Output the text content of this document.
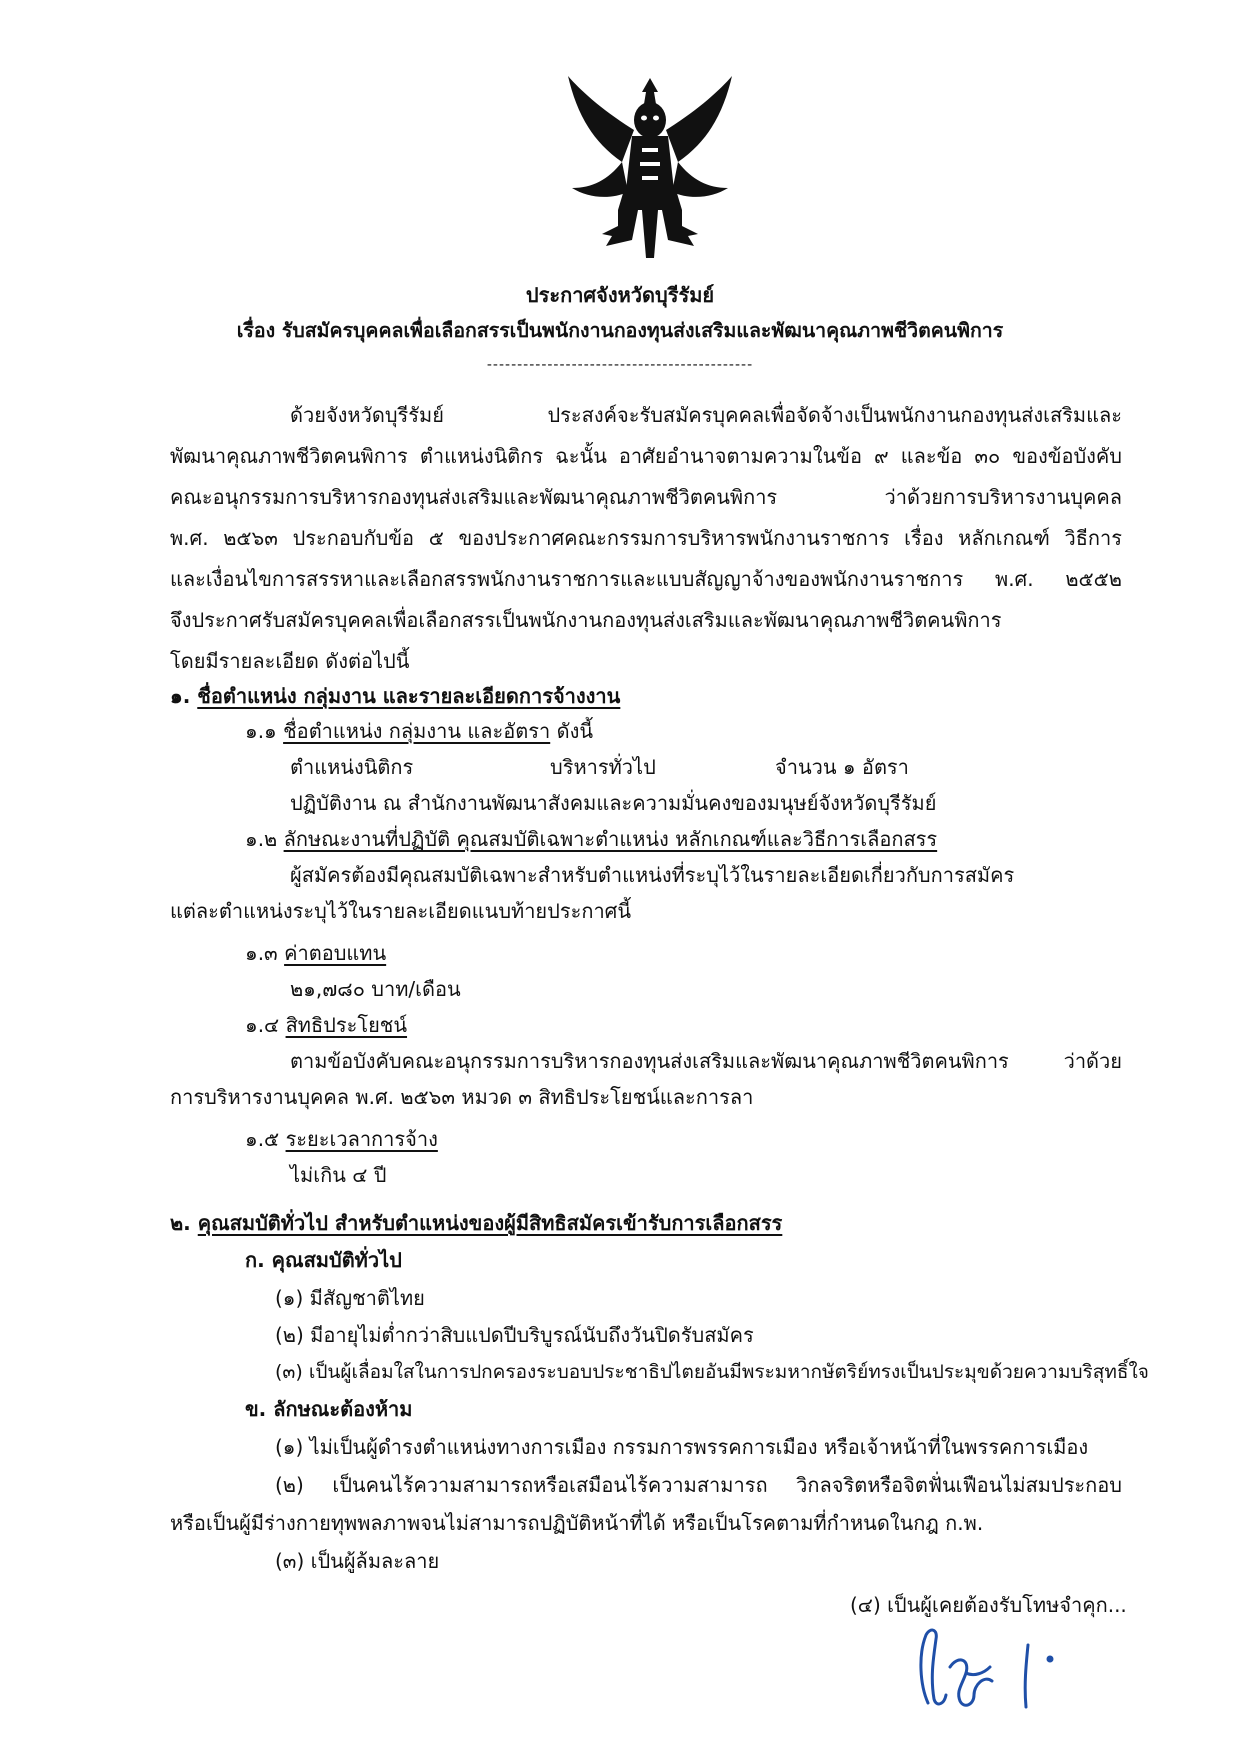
ประกาศจังหวัดบุรีรัมย์
เรื่อง รับสมัครบุคคลเพื่อเลือกสรรเป็นพนักงานกองทุนส่งเสริมและพัฒนาคุณภาพชีวิตคนพิการ
--------------------------------------------
ด้วยจังหวัดบุรีรัมย์ ประสงค์จะรับสมัครบุคคลเพื่อจัดจ้างเป็นพนักงานกองทุนส่งเสริมและ
พัฒนาคุณภาพชีวิตคนพิการ ตำแหน่งนิติกร ฉะนั้น อาศัยอำนาจตามความในข้อ ๙ และข้อ ๓๐ ของข้อบังคับ
คณะอนุกรรมการบริหารกองทุนส่งเสริมและพัฒนาคุณภาพชีวิตคนพิการ ว่าด้วยการบริหารงานบุคคล
พ.ศ. ๒๕๖๓ ประกอบกับข้อ ๕ ของประกาศคณะกรรมการบริหารพนักงานราชการ เรื่อง หลักเกณฑ์ วิธีการ
และเงื่อนไขการสรรหาและเลือกสรรพนักงานราชการและแบบสัญญาจ้างของพนักงานราชการ พ.ศ. ๒๕๕๒
จึงประกาศรับสมัครบุคคลเพื่อเลือกสรรเป็นพนักงานกองทุนส่งเสริมและพัฒนาคุณภาพชีวิตคนพิการ
โดยมีรายละเอียด ดังต่อไปนี้
๑. ชื่อตำแหน่ง กลุ่มงาน และรายละเอียดการจ้างงาน
๑.๑ ชื่อตำแหน่ง กลุ่มงาน และอัตรา ดังนี้
ตำแหน่งนิติกร	บริหารทั่วไป	จำนวน ๑ อัตรา
ปฏิบัติงาน ณ สำนักงานพัฒนาสังคมและความมั่นคงของมนุษย์จังหวัดบุรีรัมย์
๑.๒ ลักษณะงานที่ปฏิบัติ คุณสมบัติเฉพาะตำแหน่ง หลักเกณฑ์และวิธีการเลือกสรร
ผู้สมัครต้องมีคุณสมบัติเฉพาะสำหรับตำแหน่งที่ระบุไว้ในรายละเอียดเกี่ยวกับการสมัคร
แต่ละตำแหน่งระบุไว้ในรายละเอียดแนบท้ายประกาศนี้
๑.๓ ค่าตอบแทน
๒๑,๗๘๐ บาท/เดือน
๑.๔ สิทธิประโยชน์
ตามข้อบังคับคณะอนุกรรมการบริหารกองทุนส่งเสริมและพัฒนาคุณภาพชีวิตคนพิการ ว่าด้วย
การบริหารงานบุคคล พ.ศ. ๒๕๖๓ หมวด ๓ สิทธิประโยชน์และการลา
๑.๕ ระยะเวลาการจ้าง
ไม่เกิน ๔ ปี
๒. คุณสมบัติทั่วไป สำหรับตำแหน่งของผู้มีสิทธิสมัครเข้ารับการเลือกสรร
ก. คุณสมบัติทั่วไป
(๑) มีสัญชาติไทย
(๒) มีอายุไม่ต่ำกว่าสิบแปดปีบริบูรณ์นับถึงวันปิดรับสมัคร
(๓) เป็นผู้เลื่อมใสในการปกครองระบอบประชาธิปไตยอันมีพระมหากษัตริย์ทรงเป็นประมุขด้วยความบริสุทธิ์ใจ
ข. ลักษณะต้องห้าม
(๑) ไม่เป็นผู้ดำรงตำแหน่งทางการเมือง กรรมการพรรคการเมือง หรือเจ้าหน้าที่ในพรรคการเมือง
(๒) เป็นคนไร้ความสามารถหรือเสมือนไร้ความสามารถ วิกลจริตหรือจิตฟั่นเฟือนไม่สมประกอบ
หรือเป็นผู้มีร่างกายทุพพลภาพจนไม่สามารถปฏิบัติหน้าที่ได้ หรือเป็นโรคตามที่กำหนดในกฎ ก.พ.
(๓) เป็นผู้ล้มละลาย
(๔) เป็นผู้เคยต้องรับโทษจำคุก...
